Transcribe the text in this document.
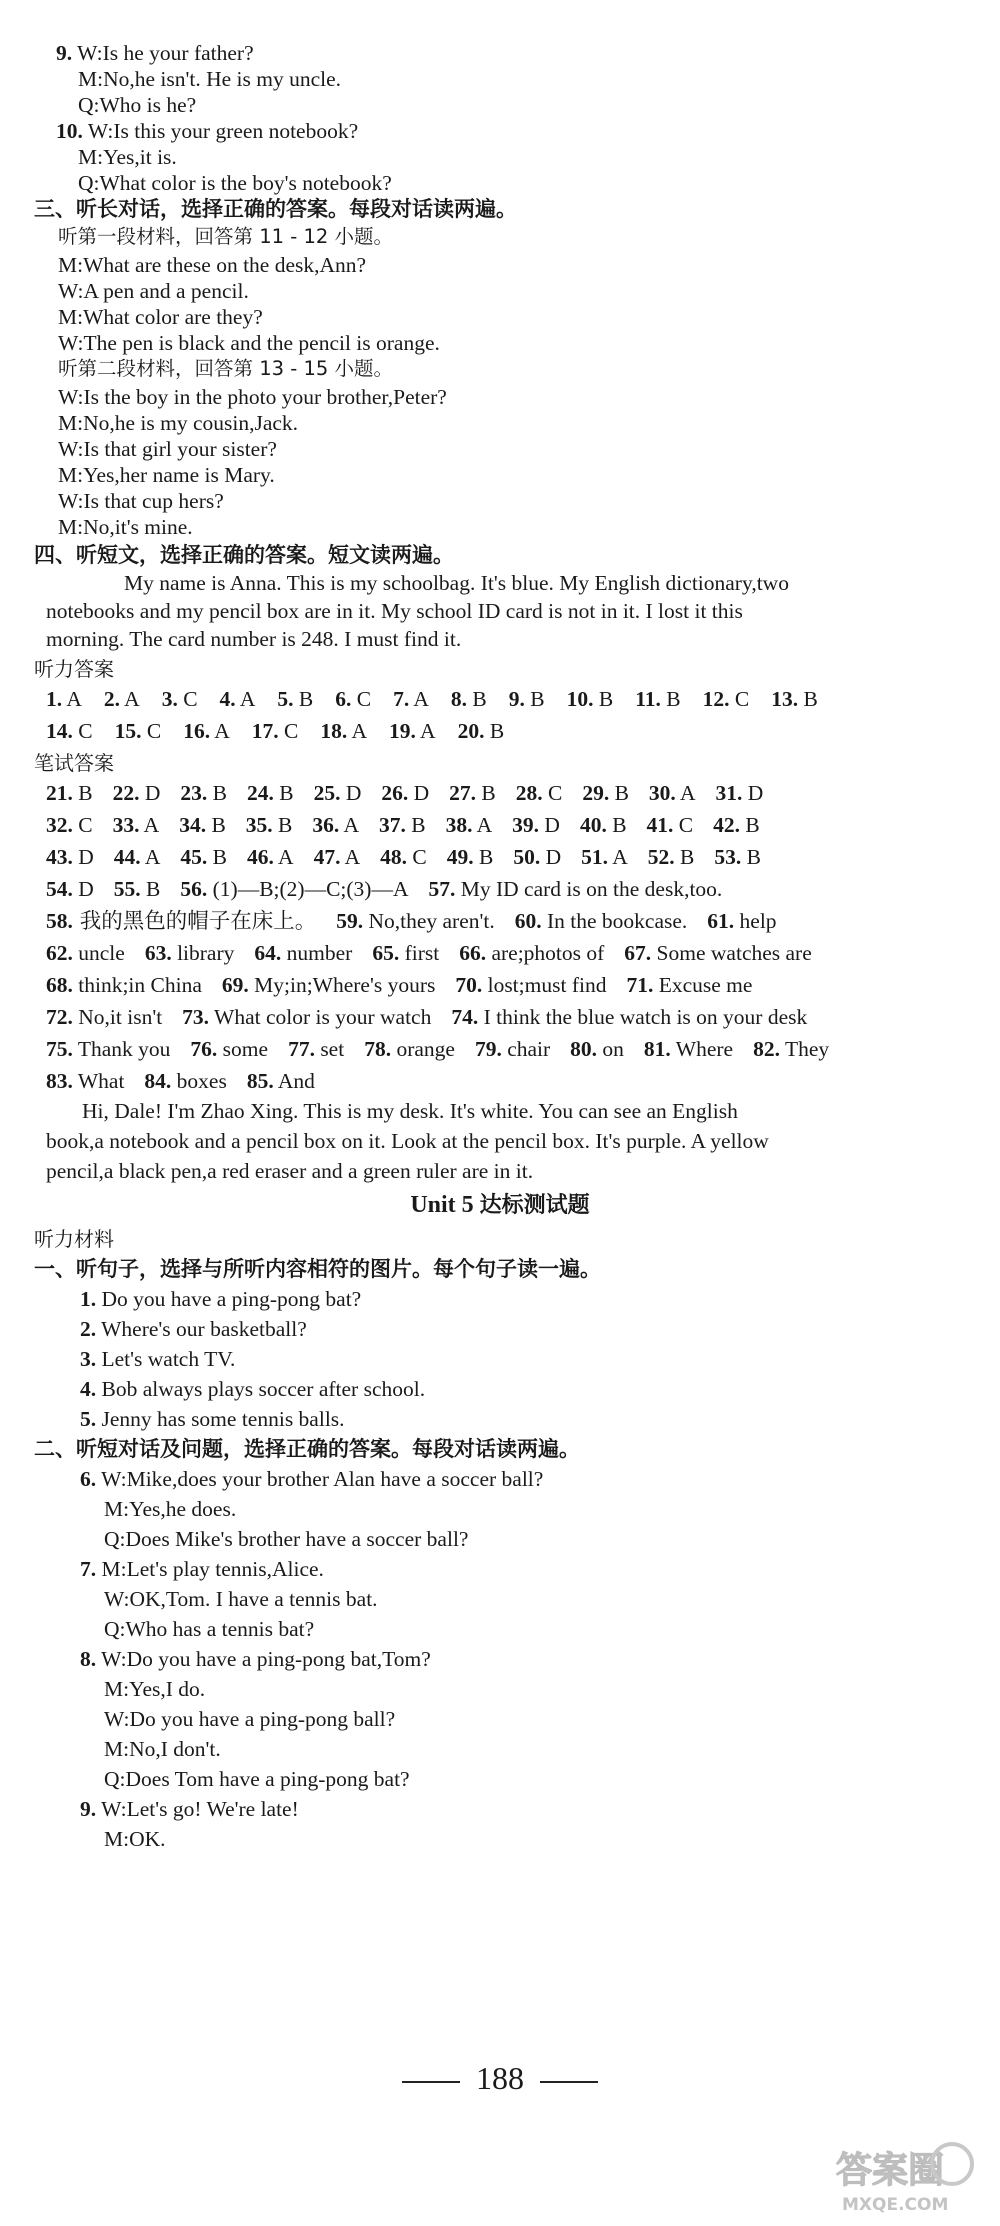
9. W:Is he your father?
M:No,he isn't. He is my uncle.
Q:Who is he?
10. W:Is this your green notebook?
M:Yes,it is.
Q:What color is the boy's notebook?
三、听长对话，选择正确的答案。每段对话读两遍。
听第一段材料，回答第 11 - 12 小题。
M:What are these on the desk,Ann?
W:A pen and a pencil.
M:What color are they?
W:The pen is black and the pencil is orange.
听第二段材料，回答第 13 - 15 小题。
W:Is the boy in the photo your brother,Peter?
M:No,he is my cousin,Jack.
W:Is that girl your sister?
M:Yes,her name is Mary.
W:Is that cup hers?
M:No,it's mine.
四、听短文，选择正确的答案。短文读两遍。
My name is Anna. This is my schoolbag. It's blue. My English dictionary,two
notebooks and my pencil box are in it. My school ID card is not in it. I lost it this
morning. The card number is 248. I must find it.
听力答案
1. A 2. A 3. C 4. A 5. B 6. C 7. A 8. B 9. B 10. B 11. B 12. C 13. B
14. C 15. C 16. A 17. C 18. A 19. A 20. B
笔试答案
21. B 22. D 23. B 24. B 25. D 26. D 27. B 28. C 29. B 30. A 31. D
32. C 33. A 34. B 35. B 36. A 37. B 38. A 39. D 40. B 41. C 42. B
43. D 44. A 45. B 46. A 47. A 48. C 49. B 50. D 51. A 52. B 53. B
54. D 55. B 56. (1)—B;(2)—C;(3)—A 57. My ID card is on the desk,too.
58. 我的黑色的帽子在床上。 59. No,they aren't. 60. In the bookcase. 61. help
62. uncle 63. library 64. number 65. first 66. are;photos of 67. Some watches are
68. think;in China 69. My;in;Where's yours 70. lost;must find 71. Excuse me
72. No,it isn't 73. What color is your watch 74. I think the blue watch is on your desk
75. Thank you 76. some 77. set 78. orange 79. chair 80. on 81. Where 82. They
83. What 84. boxes 85. And
Hi, Dale! I'm Zhao Xing. This is my desk. It's white. You can see an English
book,a notebook and a pencil box on it. Look at the pencil box. It's purple. A yellow
pencil,a black pen,a red eraser and a green ruler are in it.
Unit 5 达标测试题
听力材料
一、听句子，选择与所听内容相符的图片。每个句子读一遍。
1. Do you have a ping-pong bat?
2. Where's our basketball?
3. Let's watch TV.
4. Bob always plays soccer after school.
5. Jenny has some tennis balls.
二、听短对话及问题，选择正确的答案。每段对话读两遍。
6. W:Mike,does your brother Alan have a soccer ball?
M:Yes,he does.
Q:Does Mike's brother have a soccer ball?
7. M:Let's play tennis,Alice.
W:OK,Tom. I have a tennis bat.
Q:Who has a tennis bat?
8. W:Do you have a ping-pong bat,Tom?
M:Yes,I do.
W:Do you have a ping-pong ball?
M:No,I don't.
Q:Does Tom have a ping-pong bat?
9. W:Let's go! We're late!
M:OK.
188
答案圈
MXQE.COM
